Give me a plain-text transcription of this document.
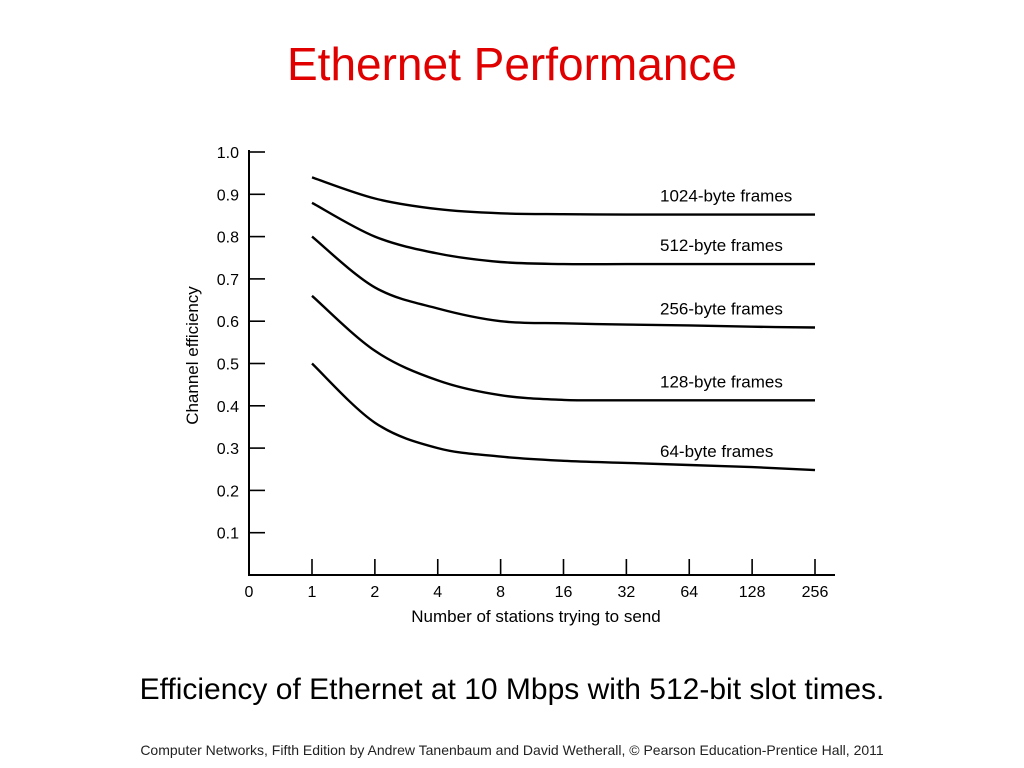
Ethernet Performance
1.0
0.9
0.8
0.7
0.6
0.5
0.4
0.3
0.2
0.1
0	1	2	4	8	16	32	64	128 256
1024-byte frames
512-byte frames
256-byte frames
128-byte frames
64-byte frames
Channel efficiency
Number of stations trying to send
Efficiency of Ethernet at 10 Mbps with 512-bit slot times.
Computer Networks, Fifth Edition by Andrew Tanenbaum and David Wetherall, © Pearson Education-Prentice Hall, 2011
